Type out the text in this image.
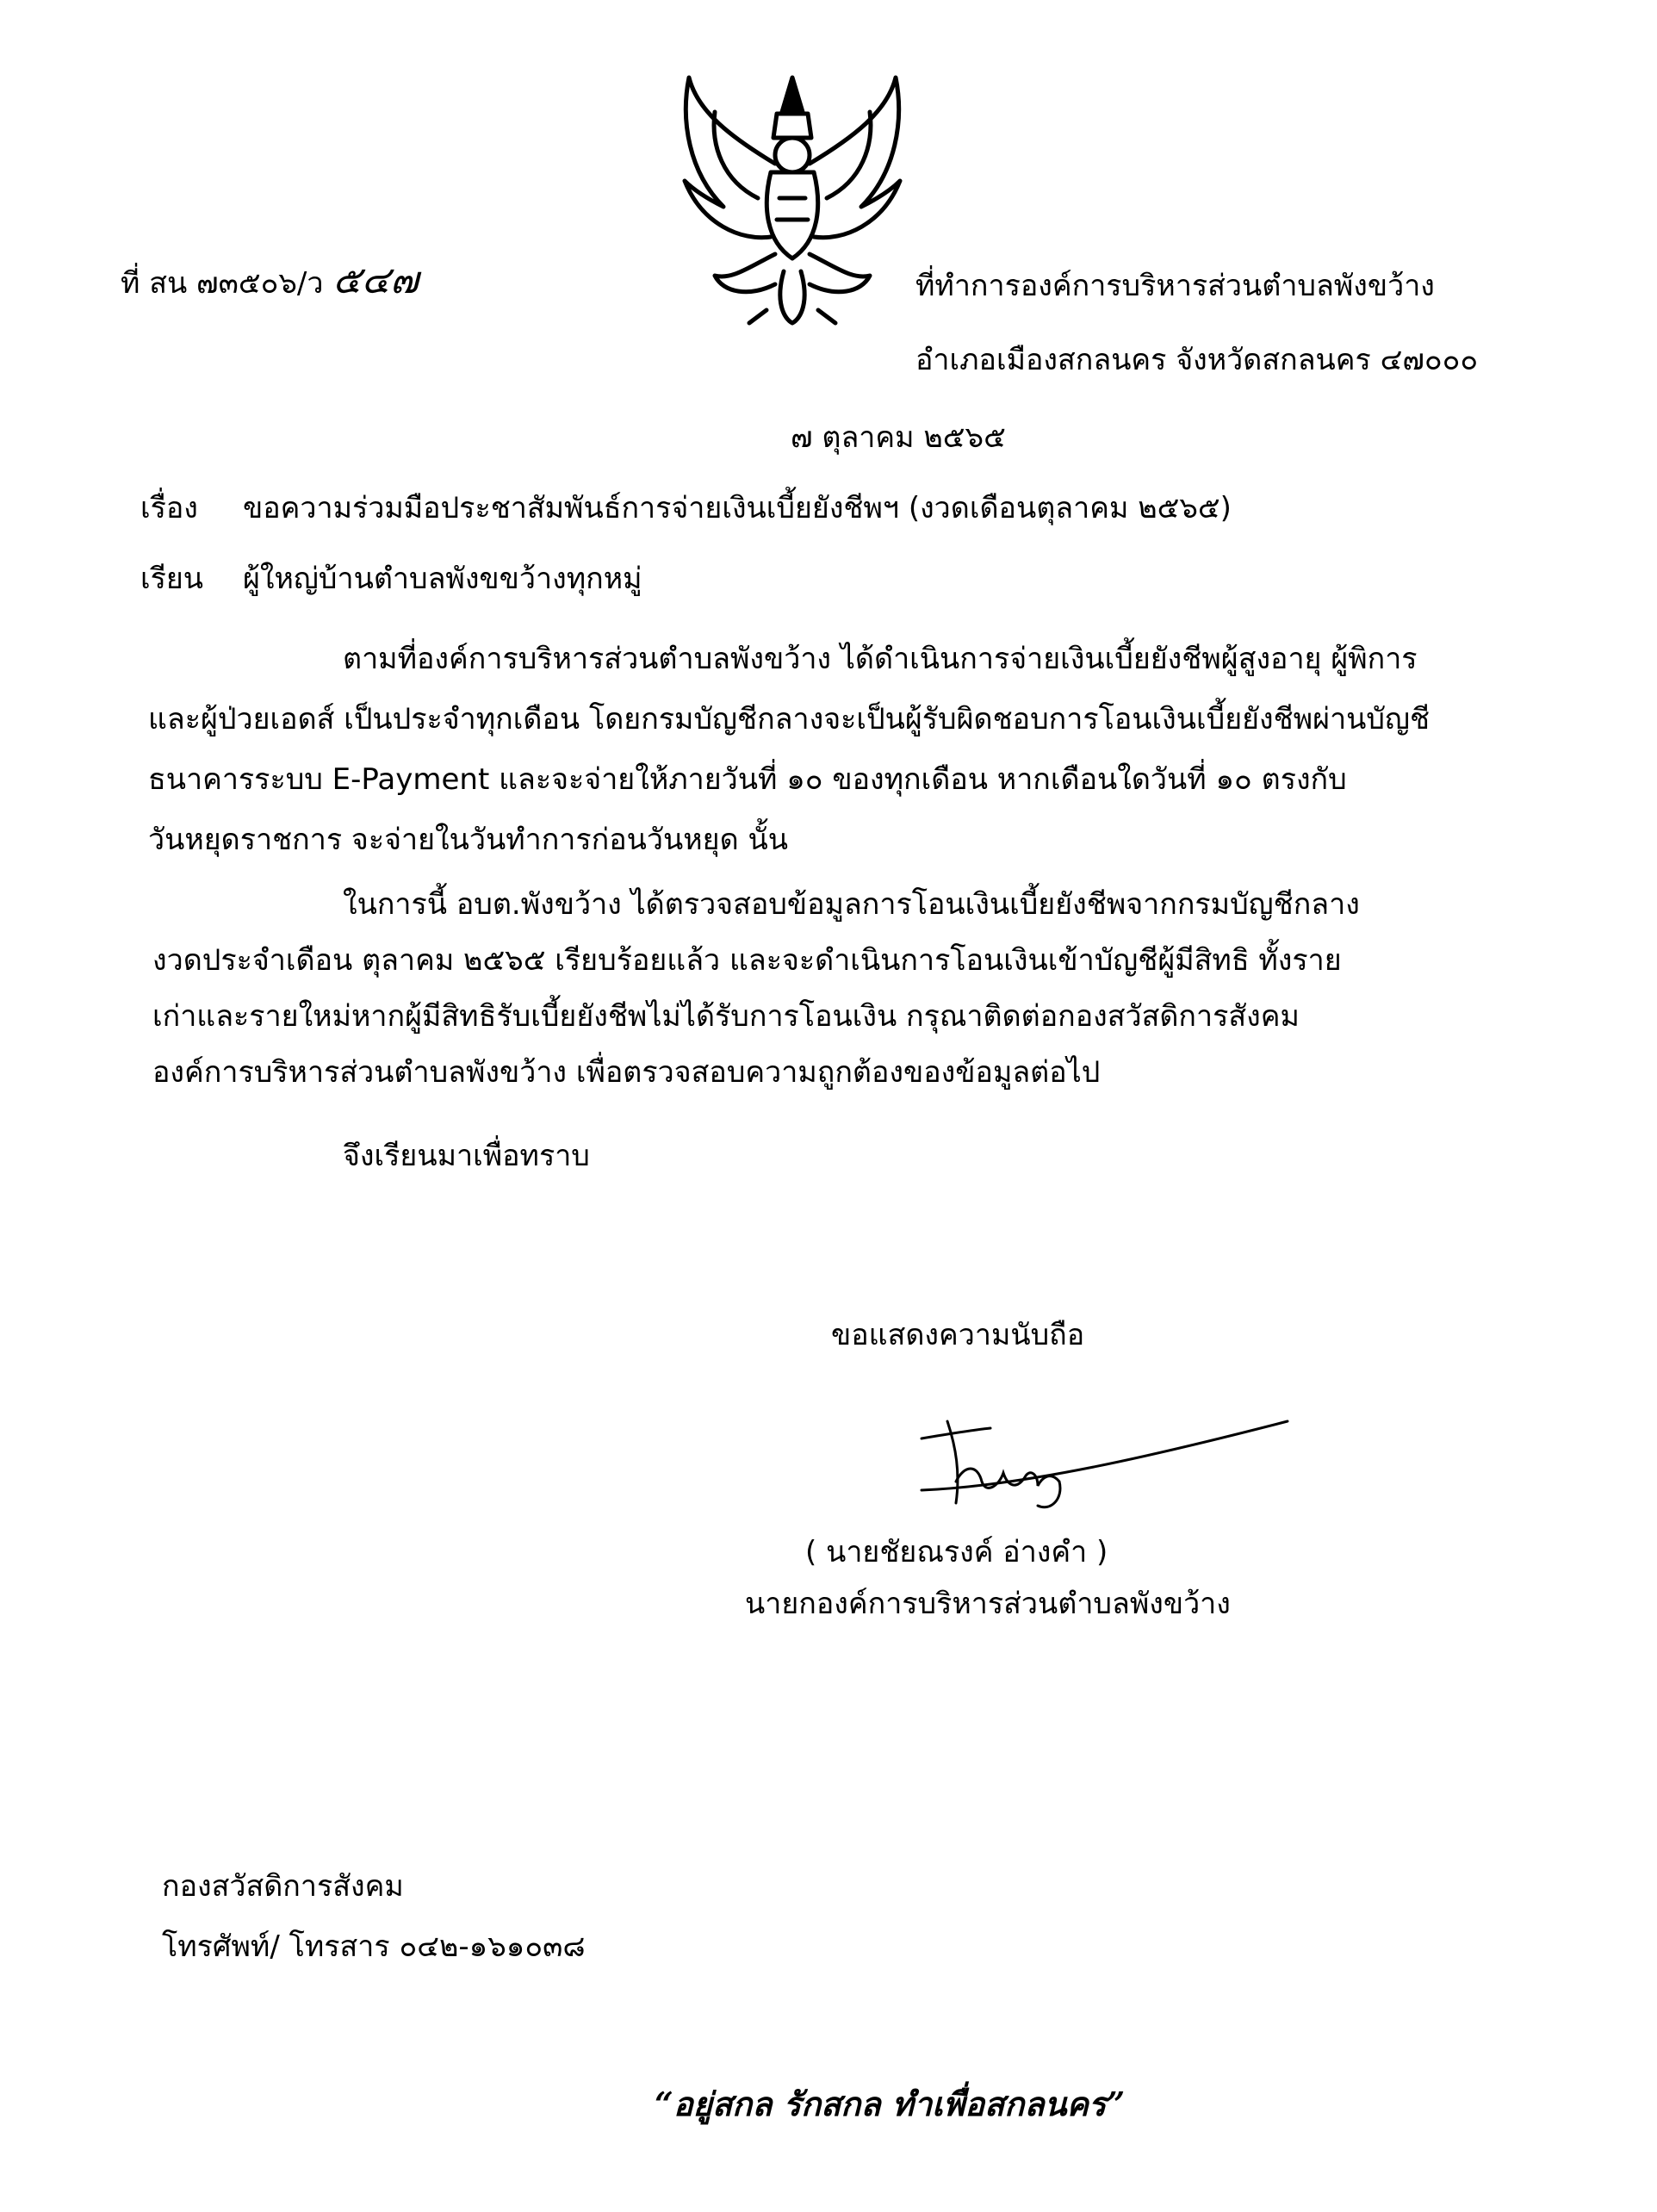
ที่ สน ๗๓๕๐๖/ว ๕๔๗	ที่ทำการองค์การบริหารส่วนตำบลพังขว้าง
อำเภอเมืองสกลนคร จังหวัดสกลนคร ๔๗๐๐๐
๗ ตุลาคม ๒๕๖๕
เรื่อง ขอความร่วมมือประชาสัมพันธ์การจ่ายเงินเบี้ยยังชีพฯ (งวดเดือนตุลาคม ๒๕๖๕)
เรียน ผู้ใหญ่บ้านตำบลพังขขว้างทุกหมู่
ตามที่องค์การบริหารส่วนตำบลพังขว้าง ได้ดำเนินการจ่ายเงินเบี้ยยังชีพผู้สูงอายุ ผู้พิการ
และผู้ป่วยเอดส์ เป็นประจำทุกเดือน โดยกรมบัญชีกลางจะเป็นผู้รับผิดชอบการโอนเงินเบี้ยยังชีพผ่านบัญชี
ธนาคารระบบ E-Payment และจะจ่ายให้ภายวันที่ ๑๐ ของทุกเดือน หากเดือนใดวันที่ ๑๐ ตรงกับ
วันหยุดราชการ จะจ่ายในวันทำการก่อนวันหยุด นั้น
ในการนี้ อบต.พังขว้าง ได้ตรวจสอบข้อมูลการโอนเงินเบี้ยยังชีพจากกรมบัญชีกลาง
งวดประจำเดือน ตุลาคม ๒๕๖๕ เรียบร้อยแล้ว และจะดำเนินการโอนเงินเข้าบัญชีผู้มีสิทธิ ทั้งราย
เก่าและรายใหม่หากผู้มีสิทธิรับเบี้ยยังชีพไม่ได้รับการโอนเงิน กรุณาติดต่อกองสวัสดิการสังคม
องค์การบริหารส่วนตำบลพังขว้าง เพื่อตรวจสอบความถูกต้องของข้อมูลต่อไป
จึงเรียนมาเพื่อทราบ
ขอแสดงความนับถือ
( นายชัยณรงค์ อ่างคำ )
นายกองค์การบริหารส่วนตำบลพังขว้าง
กองสวัสดิการสังคม
โทรศัพท์/ โทรสาร ๐๔๒-๑๖๑๐๓๘
“อยู่สกล รักสกล ทำเพื่อสกลนคร”
